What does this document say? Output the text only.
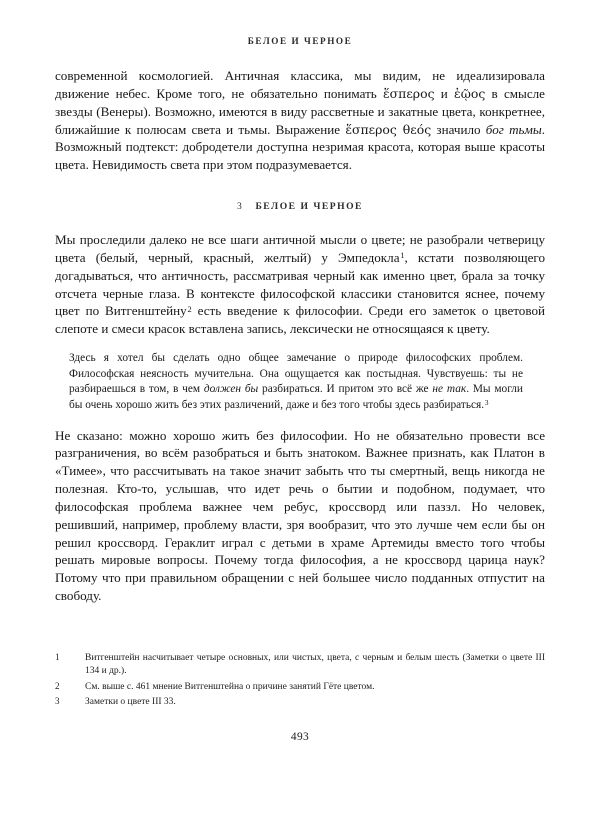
БЕЛОЕ И ЧЕРНОЕ

современной космологией. Античная классика, мы видим, не идеализировала движение небес. Кроме того, не обязательно понимать ἕσπερος и ἑῷος в смысле звезды (Венеры). Возможно, имеются в виду рассветные и закатные цвета, конкретнее, ближайшие к полюсам света и тьмы. Выражение ἕσπερος θεός значило бог тьмы. Возможный подтекст: добродетели доступна незримая красота, которая выше красоты цвета. Невидимость света при этом подразумевается.

3 БЕЛОЕ И ЧЕРНОЕ

Мы проследили далеко не все шаги античной мысли о цвете; не разобрали четверицу цвета (белый, черный, красный, желтый) у Эмпедокла$^1$, кстати позволяющего догадываться, что античность, рассматривая черный как именно цвет, брала за точку отсчета черные глаза. В контексте философской классики становится яснее, почему цвет по Витгенштейну$^2$ есть введение к философии. Среди его заметок о цветовой слепоте и смеси красок вставлена запись, лексически не относящаяся к цвету.

Здесь я хотел бы сделать одно общее замечание о природе философских проблем. Философская неясность мучительна. Она ощущается как постыдная. Чувствуешь: ты не разбираешься в том, в чем должен бы разбираться. И притом это всё же не так. Мы могли бы очень хорошо жить без этих различений, даже и без того чтобы здесь разбираться.$^3$

Не сказано: можно хорошо жить без философии. Но не обязательно провести все разграничения, во всём разобраться и быть знатоком. Важнее признать, как Платон в «Тимее», что рассчитывать на такое значит забыть что ты смертный, вещь никогда не полезная. Кто-то, услышав, что идет речь о бытии и подобном, подумает, что философская проблема важнее чем ребус, кроссворд или паззл. Но человек, решивший, например, проблему власти, зря вообразит, что это лучше чем если бы он решил кроссворд. Гераклит играл с детьми в храме Артемиды вместо того чтобы решать мировые вопросы. Почему тогда философия, а не кроссворд царица наук? Потому что при правильном обращении с ней большее число подданных отпустит на свободу.

1	Витгенштейн насчитывает четыре основных, или чистых, цвета, с черным и белым шесть (Заметки о цвете III 134 и др.).

2	См. выше с. 461 мнение Витгенштейна о причине занятий Гёте цветом.

3	Заметки о цвете III 33.

493
